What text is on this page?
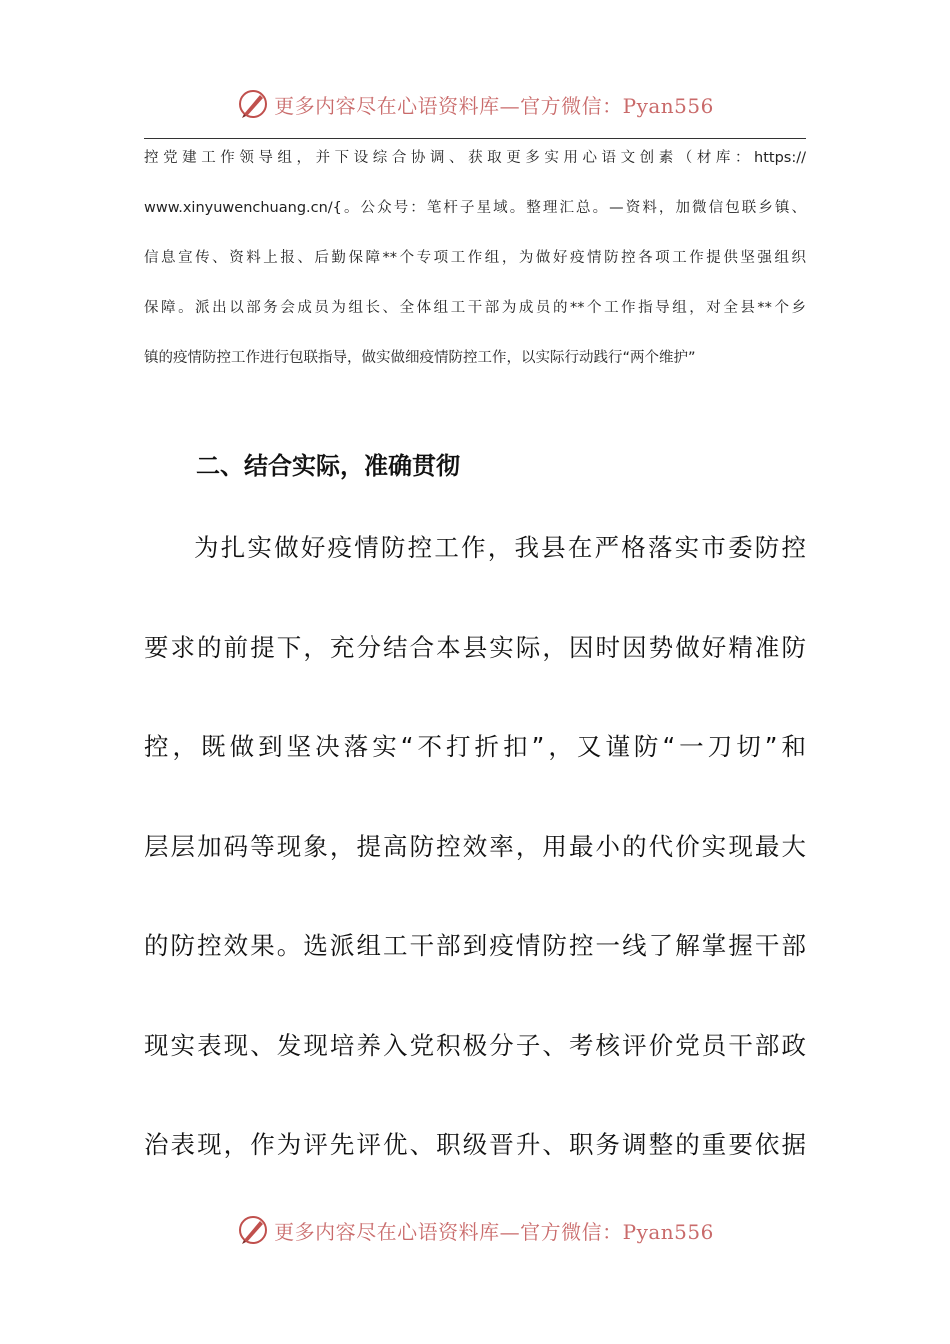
更多内容尽在心语资料库—官方微信：Pyan556
控党建工作领导组，并下设综合协调、获取更多实用心语文创素（材库：https://
www.xinyuwenchuang.cn/{。公众号：笔杆子星域。整理汇总。—资料，加微信包联乡镇、
信息宣传、资料上报、后勤保障**个专项工作组，为做好疫情防控各项工作提供坚强组织
保障。派出以部务会成员为组长、全体组工干部为成员的**个工作指导组，对全县**个乡
镇的疫情防控工作进行包联指导，做实做细疫情防控工作，以实际行动践行“两个维护”
二、结合实际，准确贯彻
为扎实做好疫情防控工作，我县在严格落实市委防控
要求的前提下，充分结合本县实际，因时因势做好精准防
控，既做到坚决落实“不打折扣”，又谨防“一刀切”和
层层加码等现象，提高防控效率，用最小的代价实现最大
的防控效果。选派组工干部到疫情防控一线了解掌握干部
现实表现、发现培养入党积极分子、考核评价党员干部政
治表现，作为评先评优、职级晋升、职务调整的重要依据
更多内容尽在心语资料库—官方微信：Pyan556
